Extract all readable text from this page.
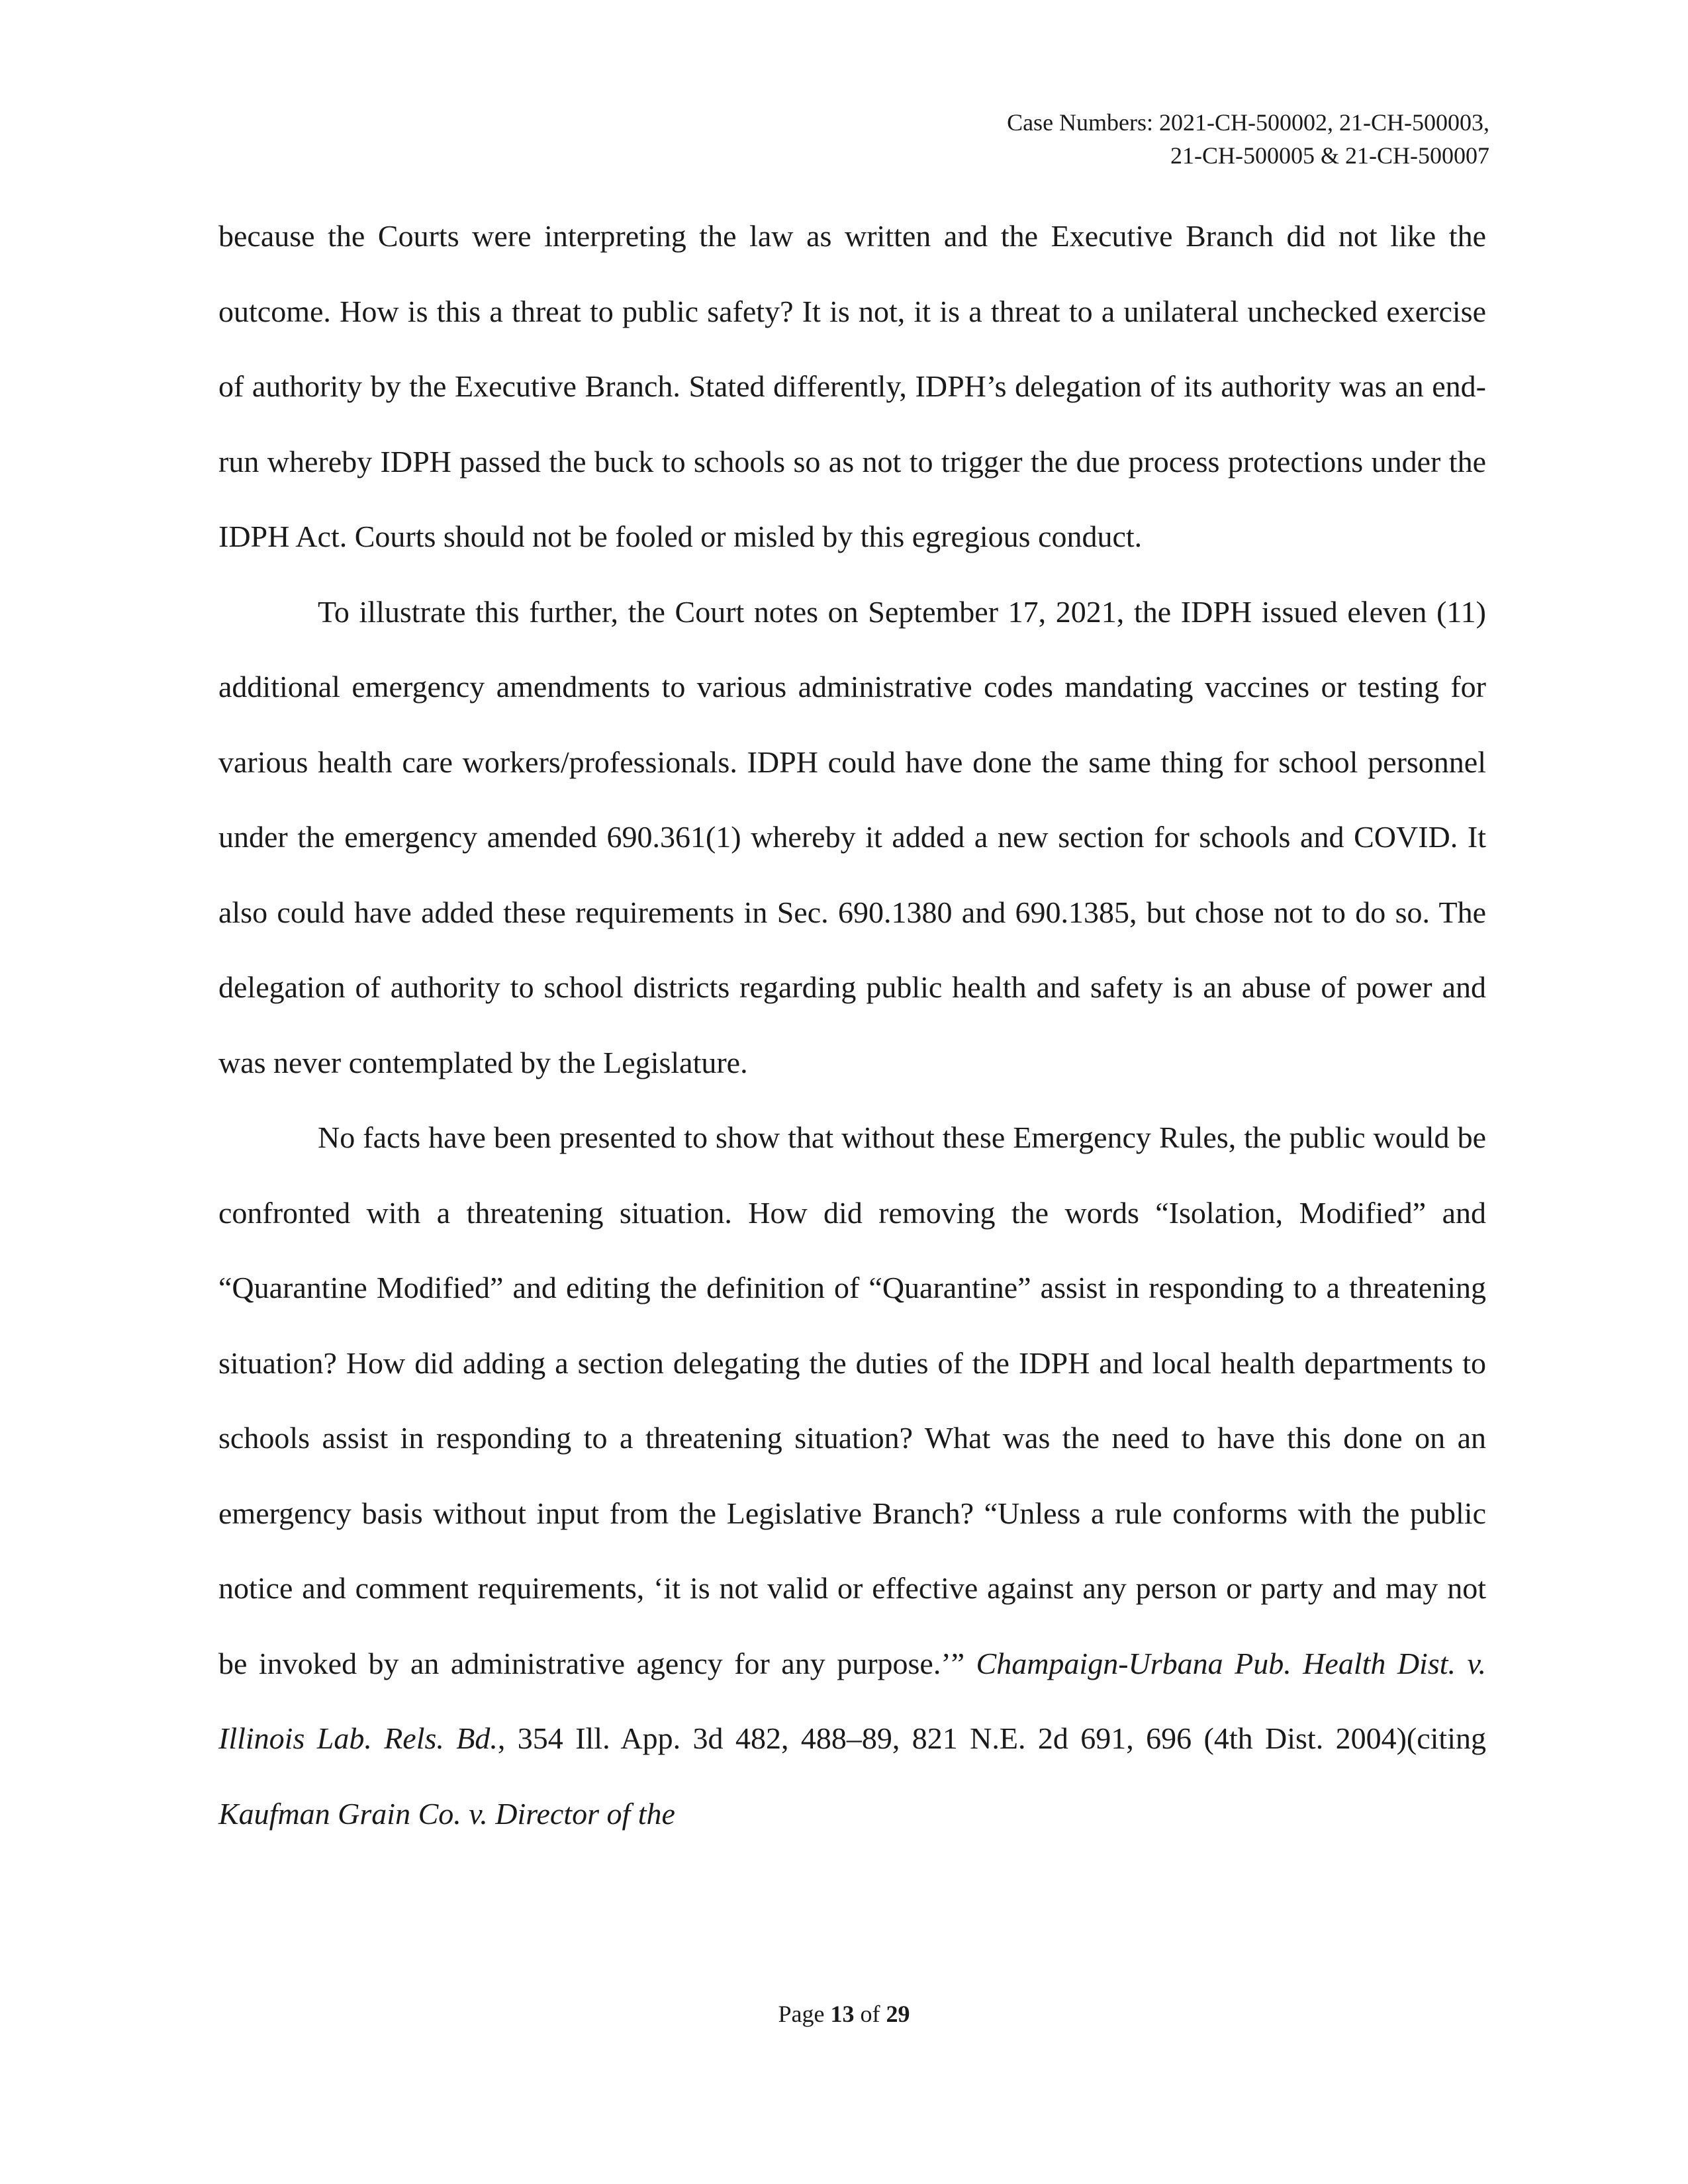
Case Numbers: 2021-CH-500002, 21-CH-500003,
21-CH-500005 & 21-CH-500007

because the Courts were interpreting the law as written and the Executive Branch did not like the outcome. How is this a threat to public safety? It is not, it is a threat to a unilateral unchecked exercise of authority by the Executive Branch. Stated differently, IDPH’s delegation of its authority was an end-run whereby IDPH passed the buck to schools so as not to trigger the due process protections under the IDPH Act. Courts should not be fooled or misled by this egregious conduct.

To illustrate this further, the Court notes on September 17, 2021, the IDPH issued eleven (11) additional emergency amendments to various administrative codes mandating vaccines or testing for various health care workers/professionals. IDPH could have done the same thing for school personnel under the emergency amended 690.361(1) whereby it added a new section for schools and COVID. It also could have added these requirements in Sec. 690.1380 and 690.1385, but chose not to do so. The delegation of authority to school districts regarding public health and safety is an abuse of power and was never contemplated by the Legislature.

No facts have been presented to show that without these Emergency Rules, the public would be confronted with a threatening situation. How did removing the words “Isolation, Modified” and “Quarantine Modified” and editing the definition of “Quarantine” assist in responding to a threatening situation? How did adding a section delegating the duties of the IDPH and local health departments to schools assist in responding to a threatening situation? What was the need to have this done on an emergency basis without input from the Legislative Branch? “Unless a rule conforms with the public notice and comment requirements, ‘it is not valid or effective against any person or party and may not be invoked by an administrative agency for any purpose.’” Champaign-Urbana Pub. Health Dist. v. Illinois Lab. Rels. Bd., 354 Ill. App. 3d 482, 488–89, 821 N.E. 2d 691, 696 (4th Dist. 2004)(citing Kaufman Grain Co. v. Director of the

Page 13 of 29
